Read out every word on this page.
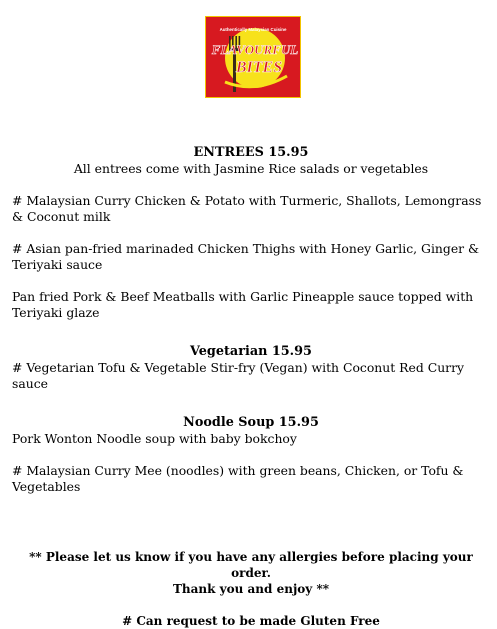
Authentically Malaysian Cuisine
FLAVOURFUL
BITES

ENTREES 15.95

All entrees come with Jasmine Rice salads or vegetables

# Malaysian Curry Chicken & Potato with Turmeric, Shallots, Lemongrass & Coconut milk

# Asian pan-fried marinaded Chicken Thighs with Honey Garlic, Ginger & Teriyaki sauce

Pan fried Pork & Beef Meatballs with Garlic Pineapple sauce topped with Teriyaki glaze

Vegetarian 15.95

# Vegetarian Tofu & Vegetable Stir-fry (Vegan) with Coconut Red Curry sauce

Noodle Soup 15.95

Pork Wonton Noodle soup with baby bokchoy

# Malaysian Curry Mee (noodles) with green beans, Chicken, or Tofu & Vegetables

** Please let us know if you have any allergies before placing your order.

Thank you and enjoy **

# Can request to be made Gluten Free
